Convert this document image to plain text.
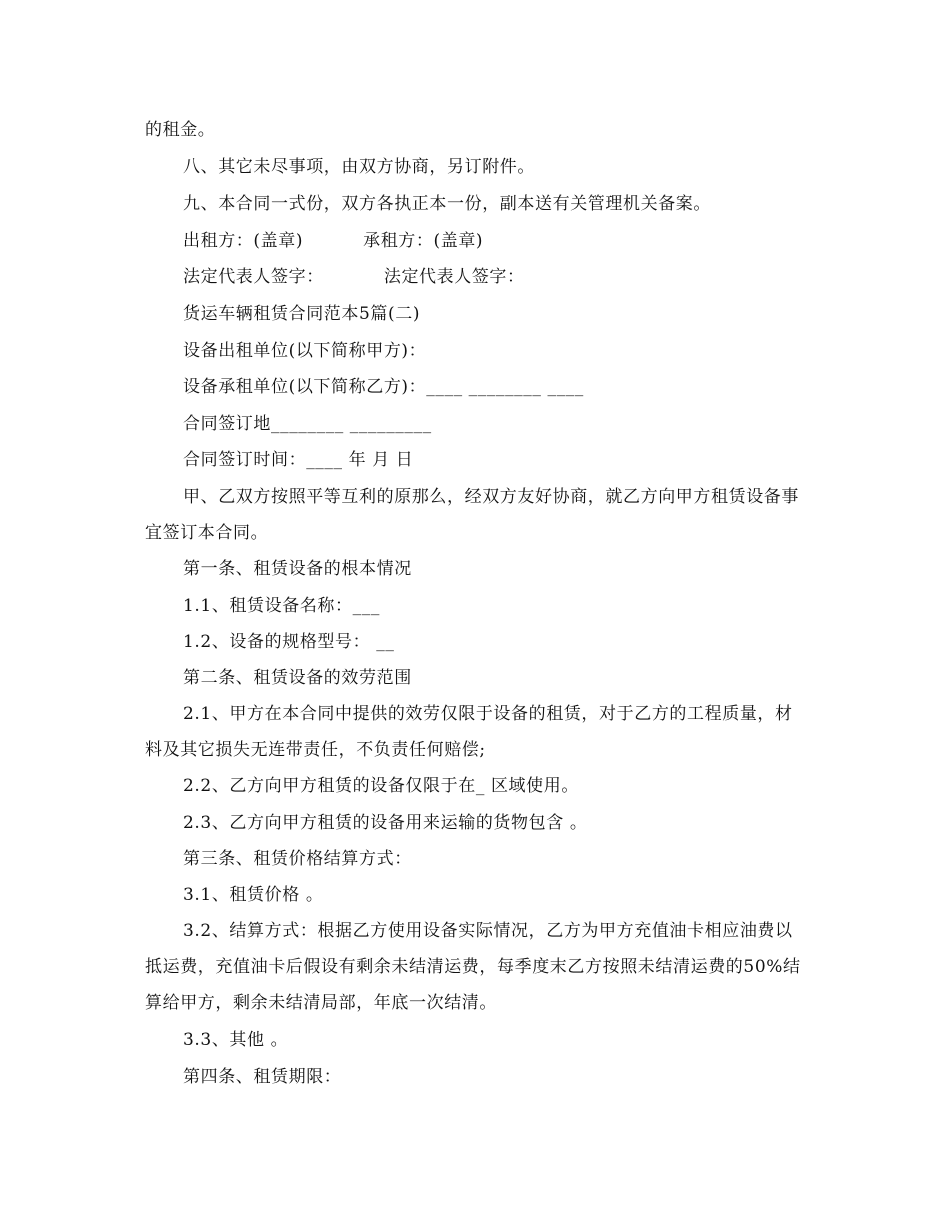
的租金。
八、其它未尽事项，由双方协商，另订附件。
九、本合同一式份，双方各执正本一份，副本送有关管理机关备案。
出租方：(盖章)          承租方：(盖章)
法定代表人签字：          法定代表人签字：
货运车辆租赁合同范本5篇(二)
设备出租单位(以下简称甲方)：
设备承租单位(以下简称乙方)：____ ________ ____
合同签订地________ _________
合同签订时间：____ 年 月 日
甲、乙双方按照平等互利的原那么，经双方友好协商，就乙方向甲方租赁设备事宜签订本合同。
第一条、租赁设备的根本情况
1.1、租赁设备名称：___
1.2、设备的规格型号： __
第二条、租赁设备的效劳范围
2.1、甲方在本合同中提供的效劳仅限于设备的租赁，对于乙方的工程质量，材料及其它损失无连带责任，不负责任何赔偿;
2.2、乙方向甲方租赁的设备仅限于在_ 区域使用。
2.3、乙方向甲方租赁的设备用来运输的货物包含 。
第三条、租赁价格结算方式：
3.1、租赁价格 。
3.2、结算方式：根据乙方使用设备实际情况，乙方为甲方充值油卡相应油费以抵运费，充值油卡后假设有剩余未结清运费，每季度末乙方按照未结清运费的50%结算给甲方，剩余未结清局部，年底一次结清。
3.3、其他 。
第四条、租赁期限：
